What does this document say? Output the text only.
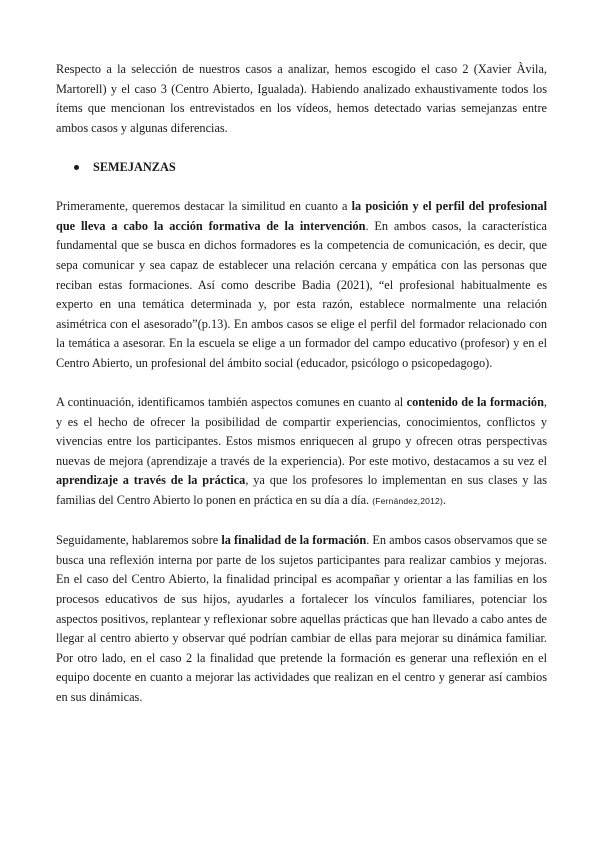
Respecto a la selección de nuestros casos a analizar, hemos escogido el caso 2 (Xavier Àvila, Martorell) y el caso 3 (Centro Abierto, Igualada). Habiendo analizado exhaustivamente todos los ítems que mencionan los entrevistados en los vídeos, hemos detectado varias semejanzas entre ambos casos y algunas diferencias.

SEMEJANZAS

Primeramente, queremos destacar la similitud en cuanto a la posición y el perfil del profesional que lleva a cabo la acción formativa de la intervención. En ambos casos, la característica fundamental que se busca en dichos formadores es la competencia de comunicación, es decir, que sepa comunicar y sea capaz de establecer una relación cercana y empática con las personas que reciban estas formaciones. Así como describe Badia (2021), “el profesional habitualmente es experto en una temática determinada y, por esta razón, establece normalmente una relación asimétrica con el asesorado”(p.13). En ambos casos se elige el perfil del formador relacionado con la temática a asesorar. En la escuela se elige a un formador del campo educativo (profesor) y en el Centro Abierto, un profesional del ámbito social (educador, psicólogo o psicopedagogo).

A continuación, identificamos también aspectos comunes en cuanto al contenido de la formación, y es el hecho de ofrecer la posibilidad de compartir experiencias, conocimientos, conflictos y vivencias entre los participantes. Estos mismos enriquecen al grupo y ofrecen otras perspectivas nuevas de mejora (aprendizaje a través de la experiencia). Por este motivo, destacamos a su vez el aprendizaje a través de la práctica, ya que los profesores lo implementan en sus clases y las familias del Centro Abierto lo ponen en práctica en su día a día. (Fernández,2012).

Seguidamente, hablaremos sobre la finalidad de la formación. En ambos casos observamos que se busca una reflexión interna por parte de los sujetos participantes para realizar cambios y mejoras. En el caso del Centro Abierto, la finalidad principal es acompañar y orientar a las familias en los procesos educativos de sus hijos, ayudarles a fortalecer los vínculos familiares, potenciar los aspectos positivos, replantear y reflexionar sobre aquellas prácticas que han llevado a cabo antes de llegar al centro abierto y observar qué podrían cambiar de ellas para mejorar su dinámica familiar. Por otro lado, en el caso 2 la finalidad que pretende la formación es generar una reflexión en el equipo docente en cuanto a mejorar las actividades que realizan en el centro y generar así cambios en sus dinámicas.
